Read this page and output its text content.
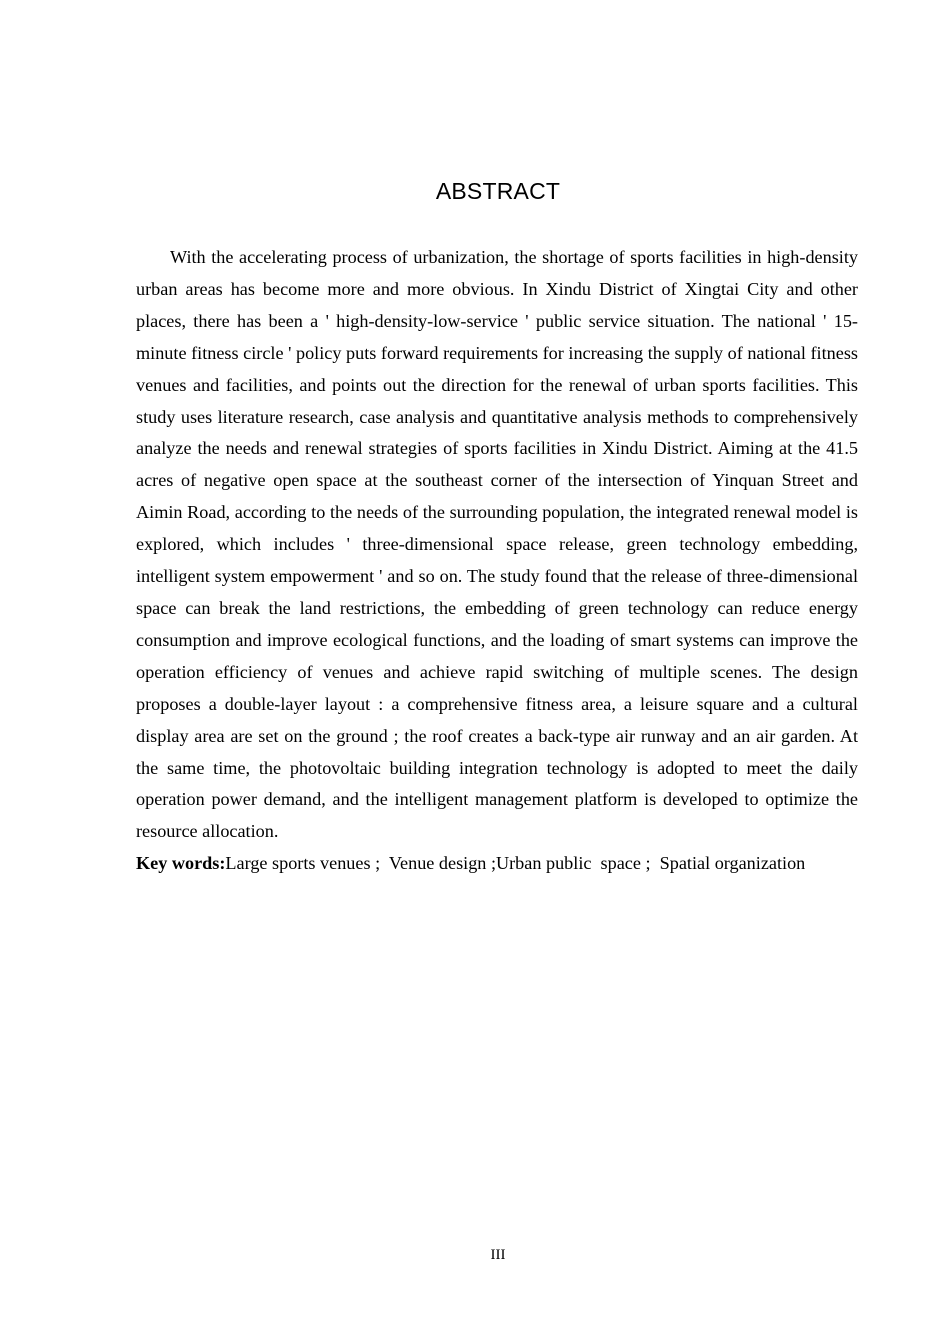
ABSTRACT

With the accelerating process of urbanization, the shortage of sports facilities in high-density urban areas has become more and more obvious. In Xindu District of Xingtai City and other places, there has been a ' high-density-low-service ' public service situation. The national ' 15-minute fitness circle ' policy puts forward requirements for increasing the supply of national fitness venues and facilities, and points out the direction for the renewal of urban sports facilities. This study uses literature research, case analysis and quantitative analysis methods to comprehensively analyze the needs and renewal strategies of sports facilities in Xindu District. Aiming at the 41.5 acres of negative open space at the southeast corner of the intersection of Yinquan Street and Aimin Road, according to the needs of the surrounding population, the integrated renewal model is explored, which includes ' three-dimensional space release, green technology embedding, intelligent system empowerment ' and so on. The study found that the release of three-dimensional space can break the land restrictions, the embedding of green technology can reduce energy consumption and improve ecological functions, and the loading of smart systems can improve the operation efficiency of venues and achieve rapid switching of multiple scenes. The design proposes a double-layer layout : a comprehensive fitness area, a leisure square and a cultural display area are set on the ground ; the roof creates a back-type air runway and an air garden. At the same time, the photovoltaic building integration technology is adopted to meet the daily operation power demand, and the intelligent management platform is developed to optimize the resource allocation.

Key words:Large sports venues ;  Venue design ;Urban public  space ;  Spatial organization

III
